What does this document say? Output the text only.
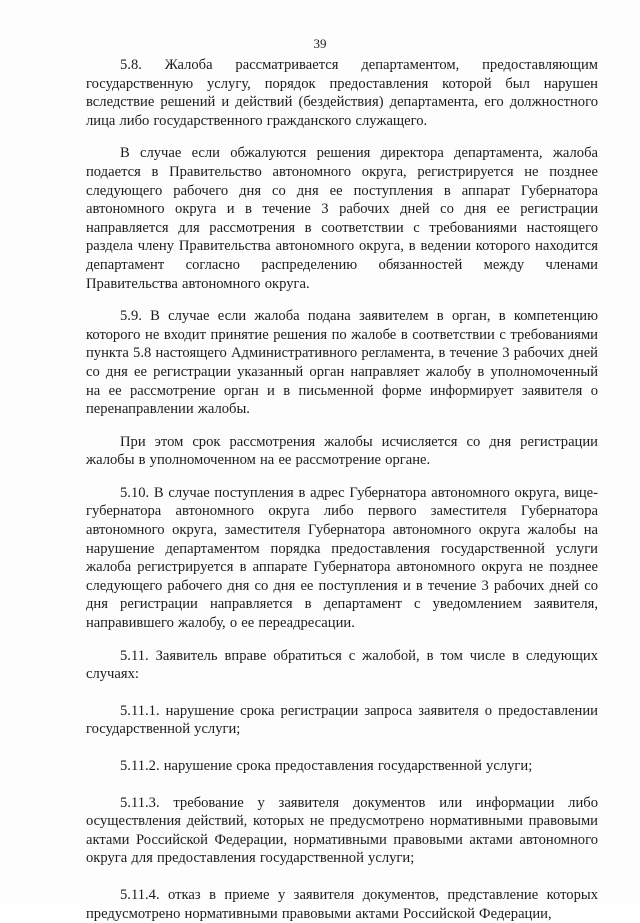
39

5.8. Жалоба рассматривается департаментом, предоставляющим государственную услугу, порядок предоставления которой был нарушен вследствие решений и действий (бездействия) департамента, его должностного лица либо государственного гражданского служащего.

В случае если обжалуются решения директора департамента, жалоба подается в Правительство автономного округа, регистрируется не позднее следующего рабочего дня со дня ее поступления в аппарат Губернатора автономного округа и в течение 3 рабочих дней со дня ее регистрации направляется для рассмотрения в соответствии с требованиями настоящего раздела члену Правительства автономного округа, в ведении которого находится департамент согласно распределению обязанностей между членами Правительства автономного округа.

5.9. В случае если жалоба подана заявителем в орган, в компетенцию которого не входит принятие решения по жалобе в соответствии с требованиями пункта 5.8 настоящего Административного регламента, в течение 3 рабочих дней со дня ее регистрации указанный орган направляет жалобу в уполномоченный на ее рассмотрение орган и в письменной форме информирует заявителя о перенаправлении жалобы.

При этом срок рассмотрения жалобы исчисляется со дня регистрации жалобы в уполномоченном на ее рассмотрение органе.

5.10. В случае поступления в адрес Губернатора автономного округа, вице-губернатора автономного округа либо первого заместителя Губернатора автономного округа, заместителя Губернатора автономного округа жалобы на нарушение департаментом порядка предоставления государственной услуги жалоба регистрируется в аппарате Губернатора автономного округа не позднее следующего рабочего дня со дня ее поступления и в течение 3 рабочих дней со дня регистрации направляется в департамент с уведомлением заявителя, направившего жалобу, о ее переадресации.

5.11. Заявитель вправе обратиться с жалобой, в том числе в следующих случаях:

5.11.1. нарушение срока регистрации запроса заявителя о предоставлении государственной услуги;

5.11.2. нарушение срока предоставления государственной услуги;

5.11.3. требование у заявителя документов или информации либо осуществления действий, которых не предусмотрено нормативными правовыми актами Российской Федерации, нормативными правовыми актами автономного округа для предоставления государственной услуги;

5.11.4. отказ в приеме у заявителя документов, представление которых предусмотрено нормативными правовыми актами Российской Федерации,
